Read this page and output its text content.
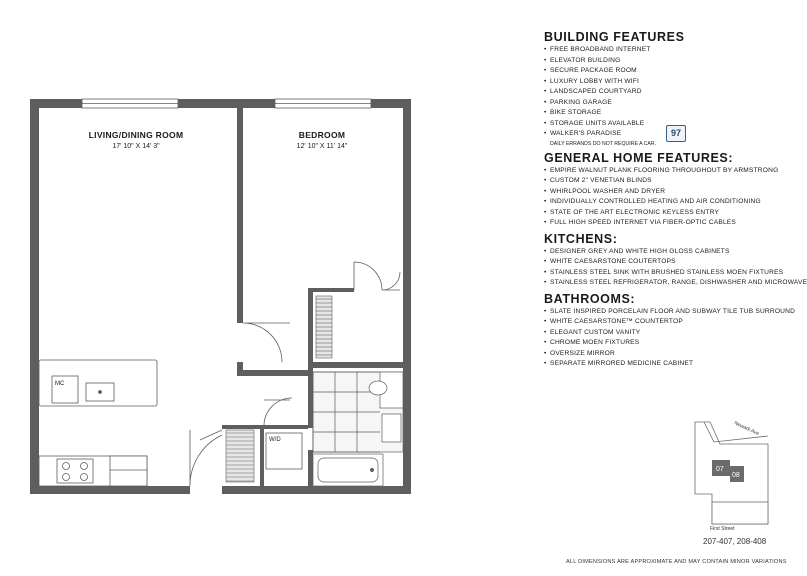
MC
W/D
LIVING/DINING ROOM
17' 10" X 14' 3"
BEDROOM
12' 10" X 11' 14"
BUILDING FEATURES
• FREE BROADBAND INTERNET
• ELEVATOR BUILDING
• SECURE PACKAGE ROOM
• LUXURY LOBBY WITH WIFI
• LANDSCAPED COURTYARD
• PARKING GARAGE
• BIKE STORAGE
• STORAGE UNITS AVAILABLE
• WALKER'S PARADISE
DAILY ERRANDS DO NOT REQUIRE A CAR.
GENERAL HOME FEATURES:
• EMPIRE WALNUT PLANK FLOORING THROUGHOUT BY ARMSTRONG
• CUSTOM 2" VENETIAN BLINDS
• WHIRLPOOL WASHER AND DRYER
• INDIVIDUALLY CONTROLLED HEATING AND AIR CONDITIONING
• STATE OF THE ART ELECTRONIC KEYLESS ENTRY
• FULL HIGH SPEED INTERNET VIA FIBER-OPTIC CABLES
KITCHENS:
• DESIGNER GREY AND WHITE HIGH GLOSS CABINETS
• WHITE CAESARSTONE COUTERTOPS
• STAINLESS STEEL SINK WITH BRUSHED STAINLESS MOEN FIXTURES
• STAINLESS STEEL REFRIGERATOR, RANGE, DISHWASHER AND MICROWAVE
BATHROOMS:
• SLATE INSPIRED PORCELAIN FLOOR AND SUBWAY TILE TUB SURROUND
• WHITE CAESARSTONE™ COUNTERTOP
• ELEGANT CUSTOM VANITY
• CHROME MOEN FIXTURES
• OVERSIZE MIRROR
• SEPARATE MIRRORED MEDICINE CABINET
97
07
08
Newark Ave
First Street
207-407, 208-408
ALL DIMENSIONS ARE APPROXIMATE AND MAY CONTAIN MINOR VARIATIONS
